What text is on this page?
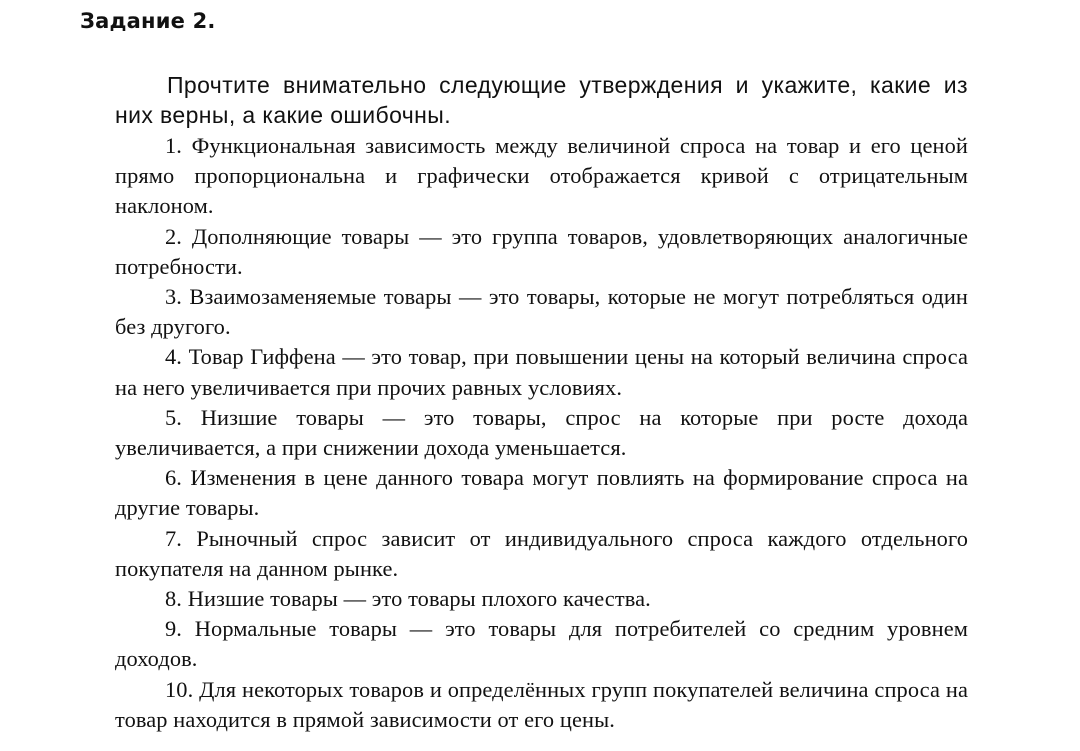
Задание 2.

Прочтите внимательно следующие утверждения и укажите, какие из них верны, а какие ошибочны.

1. Функциональная зависимость между величиной спроса на товар и его ценой прямо пропорциональна и графически отображается кривой с отрицательным наклоном.
2. Дополняющие товары — это группа товаров, удовлетворяющих аналогичные потребности.
3. Взаимозаменяемые товары — это товары, которые не могут потребляться один без другого.
4. Товар Гиффена — это товар, при повышении цены на который величина спроса на него увеличивается при прочих равных условиях.
5. Низшие товары — это товары, спрос на которые при росте дохода увеличивается, а при снижении дохода уменьшается.
6. Изменения в цене данного товара могут повлиять на формирование спроса на другие товары.
7. Рыночный спрос зависит от индивидуального спроса каждого отдельного покупателя на данном рынке.
8. Низшие товары — это товары плохого качества.
9. Нормальные товары — это товары для потребителей со средним уровнем доходов.
10. Для некоторых товаров и определённых групп покупателей величина спроса на товар находится в прямой зависимости от его цены.
